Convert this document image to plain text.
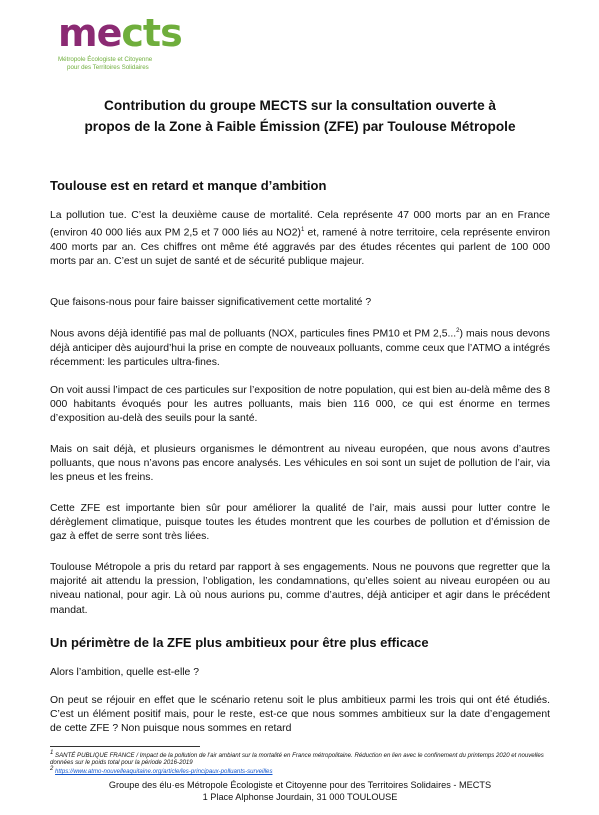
mects
Métropole Écologiste et Citoyenne
pour des Territoires Solidaires
Contribution du groupe MECTS sur la consultation ouverte à
propos de la Zone à Faible Émission (ZFE) par Toulouse Métropole
Toulouse est en retard et manque d’ambition

La pollution tue. C’est la deuxième cause de mortalité. Cela représente 47 000 morts par an en France (environ 40 000 liés aux PM 2,5 et 7 000 liés au NO2)$^1$ et, ramené à notre territoire, cela représente environ 400 morts par an. Ces chiffres ont même été aggravés par des études récentes qui parlent de 100 000 morts par an. C’est un sujet de santé et de sécurité publique majeur.

Que faisons-nous pour faire baisser significativement cette mortalité ?

Nous avons déjà identifié pas mal de polluants (NOX, particules fines PM10 et PM 2,5...$^2$) mais nous devons déjà anticiper dès aujourd’hui la prise en compte de nouveaux polluants, comme ceux que l’ATMO a intégrés récemment: les particules ultra-fines.

On voit aussi l’impact de ces particules sur l’exposition de notre population, qui est bien au-delà même des 8 000 habitants évoqués pour les autres polluants, mais bien 116 000, ce qui est énorme en termes d’exposition au-delà des seuils pour la santé.

Mais on sait déjà, et plusieurs organismes le démontrent au niveau européen, que nous avons d’autres polluants, que nous n’avons pas encore analysés. Les véhicules en soi sont un sujet de pollution de l’air, via les pneus et les freins.

Cette ZFE est importante bien sûr pour améliorer la qualité de l’air, mais aussi pour lutter contre le dérèglement climatique, puisque toutes les études montrent que les courbes de pollution et d’émission de gaz à effet de serre sont très liées.

Toulouse Métropole a pris du retard par rapport à ses engagements. Nous ne pouvons que regretter que la majorité ait attendu la pression, l’obligation, les condamnations, qu’elles soient au niveau européen ou au niveau national, pour agir. Là où nous aurions pu, comme d’autres, déjà anticiper et agir dans le précédent mandat.

Un périmètre de la ZFE plus ambitieux pour être plus efficace

Alors l’ambition, quelle est-elle ?

On peut se réjouir en effet que le scénario retenu soit le plus ambitieux parmi les trois qui ont été étudiés. C’est un élément positif mais, pour le reste, est-ce que nous sommes ambitieux sur la date d’engagement de cette ZFE ? Non puisque nous sommes en retard

$^1$ SANTÉ PUBLIQUE FRANCE / Impact de la pollution de l’air ambiant sur la mortalité en France métropolitaine. Réduction en lien avec le confinement du printemps 2020 et nouvelles données sur le poids total pour la période 2016-2019

$^2$ https://www.atmo-nouvelleaquitaine.org/article/les-principaux-polluants-surveilles

Groupe des élu·es Métropole Écologiste et Citoyenne pour des Territoires Solidaires - MECTS
1 Place Alphonse Jourdain, 31 000 TOULOUSE
